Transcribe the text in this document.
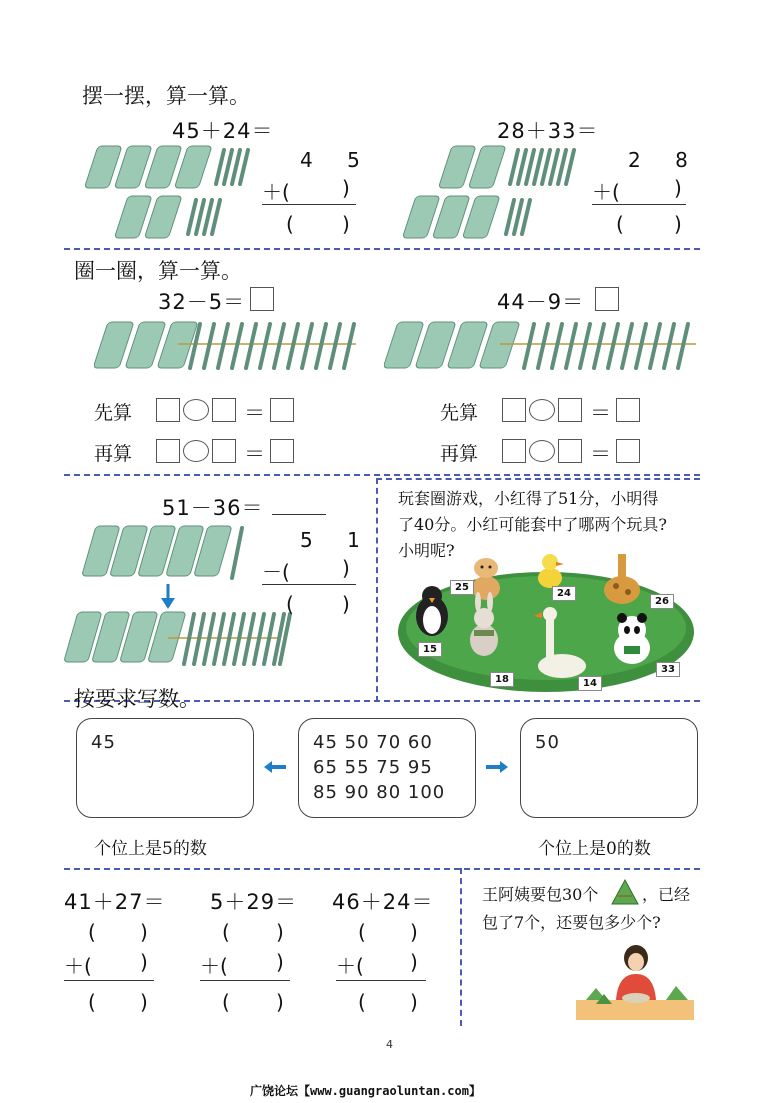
摆一摆，算一算。
45＋24＝	28＋33＝
4 5
＋(	)
( )
2 8
＋(	)
(	)
圈一圈，算一算。
32－5＝	44－9＝
先算	＝
再算	＝
先算	＝
再算	＝
51－36＝
5 1
－(	)
( )
玩套圈游戏，小红得了51分，小明得
了40分。小红可能套中了哪两个玩具?
小明呢?
25
24
26
15
18	14
33
按要求写数。
45	45 50 70 60
65 55 75 95
85 90 80 100
50
个位上是5的数	个位上是0的数
41＋27＝
( )
＋( )
( )
5＋29＝
( )
＋( )
( )
46＋24＝
( )
＋( )
( )
王阿姨要包30个	，已经
包了7个，还要包多少个?
4
广饶论坛【www.guangraoluntan.com】
